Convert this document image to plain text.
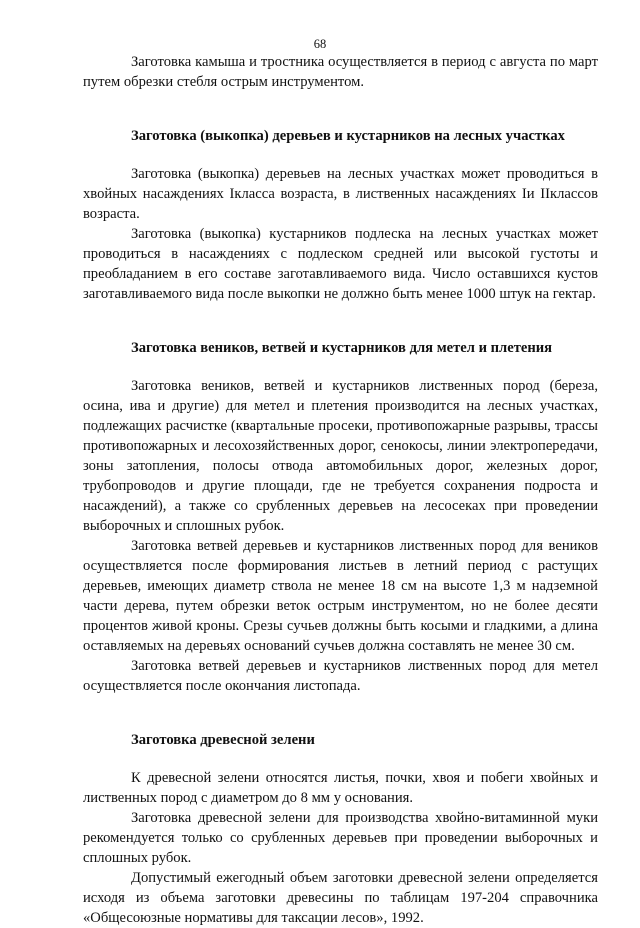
68

Заготовка камыша и тростника осуществляется в период с августа по март путем обрезки стебля острым инструментом.

Заготовка (выкопка) деревьев и кустарников на лесных участках

Заготовка (выкопка) деревьев на лесных участках может проводиться в хвойных насаждениях Iкласса возраста, в лиственных насаждениях Iи IIклассов возраста.

Заготовка (выкопка) кустарников подлеска на лесных участках может проводиться в насаждениях с подлеском средней или высокой густоты и преобладанием в его составе заготавливаемого вида. Число оставшихся кустов заготавливаемого вида после выкопки не должно быть менее 1000 штук на гектар.

Заготовка веников, ветвей и кустарников для метел и плетения

Заготовка веников, ветвей и кустарников лиственных пород (береза, осина, ива и другие) для метел и плетения производится на лесных участках, подлежащих расчистке (квартальные просеки, противопожарные разрывы, трассы противопожарных и лесохозяйственных дорог, сенокосы, линии электропередачи, зоны затопления, полосы отвода автомобильных дорог, железных дорог, трубопроводов и другие площади, где не требуется сохранения подроста и насаждений), а также со срубленных деревьев на лесосеках при проведении выборочных и сплошных рубок.

Заготовка ветвей деревьев и кустарников лиственных пород для веников осуществляется после формирования листьев в летний период с растущих деревьев, имеющих диаметр ствола не менее 18 см на высоте 1,3 м надземной части дерева, путем обрезки веток острым инструментом, но не более десяти процентов живой кроны. Срезы сучьев должны быть косыми и гладкими, а длина оставляемых на деревьях оснований сучьев должна составлять не менее 30 см.

Заготовка ветвей деревьев и кустарников лиственных пород для метел осуществляется после окончания листопада.

Заготовка древесной зелени

К древесной зелени относятся листья, почки, хвоя и побеги хвойных и лиственных пород с диаметром до 8 мм у основания.

Заготовка древесной зелени для производства хвойно-витаминной муки рекомендуется только со срубленных деревьев при проведении выборочных и сплошных рубок.

Допустимый ежегодный объем заготовки древесной зелени определяется исходя из объема заготовки древесины по таблицам 197-204 справочника «Общесоюзные нормативы для таксации лесов», 1992.
